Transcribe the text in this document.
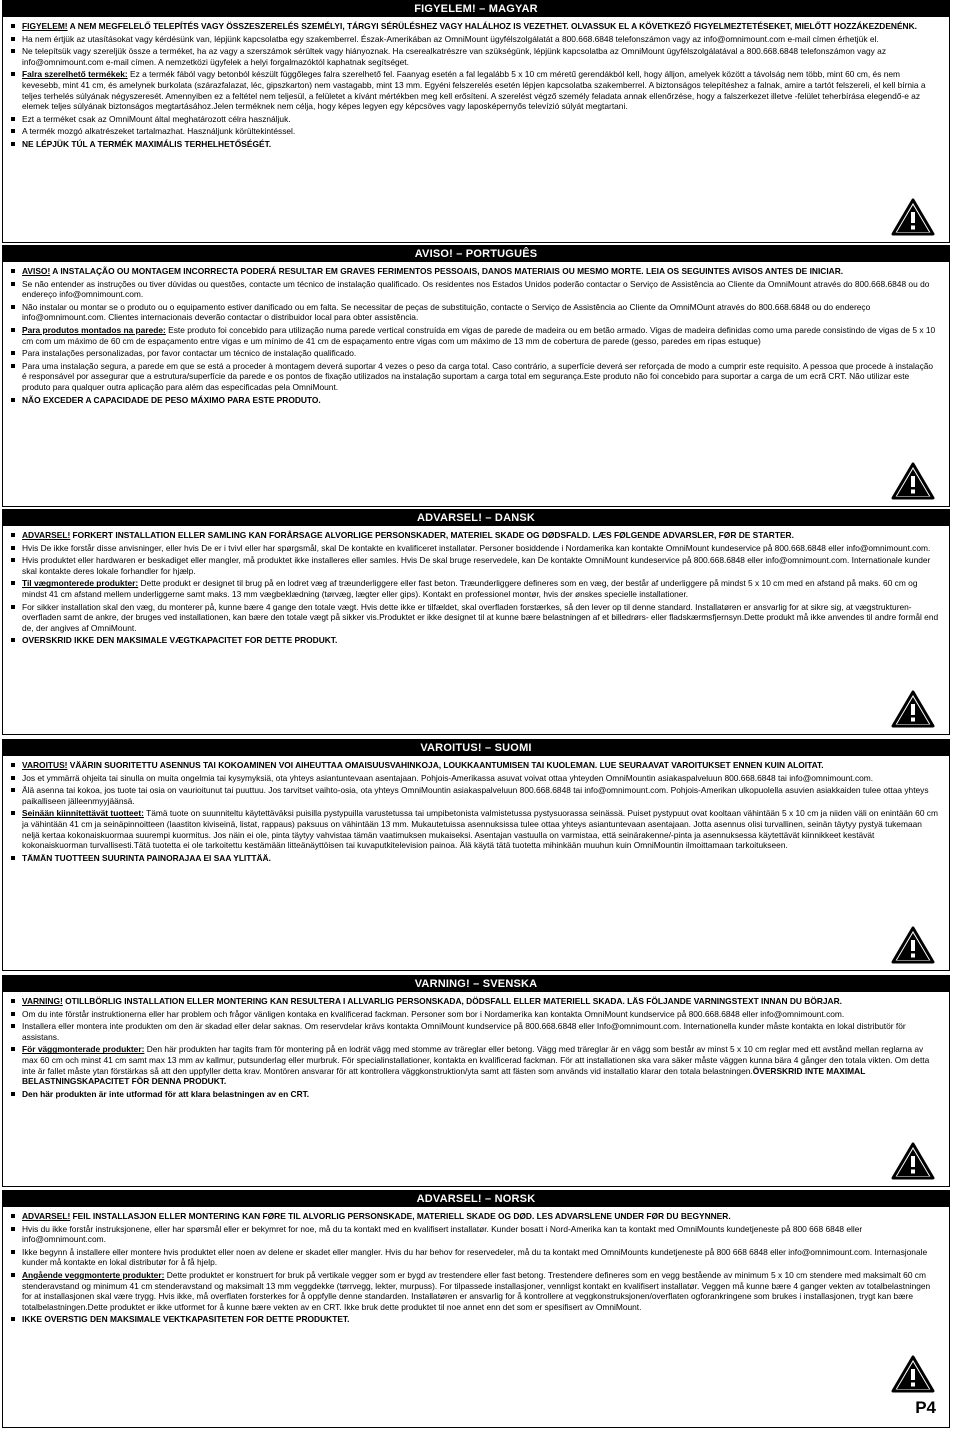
FIGYELEM! – MAGYAR
FIGYELEM! A NEM MEGFELELŐ TELEPÍTÉS VAGY ÖSSZESZERELÉS SZEMÉLYI, TÁRGYI SÉRÜLÉSHEZ VAGY HALÁLHOZ IS VEZETHET. OLVASSUK EL A KÖVETKEZŐ FIGYELMEZTETÉSEKET, MIELŐTT HOZZÁKEZDENÉNK.
Ha nem értjük az utasításokat vagy kérdésünk van, lépjünk kapcsolatba egy szakemberrel. Észak-Amerikában az OmniMount ügyfélszolgálatát a 800.668.6848 telefonszámon vagy az info@omnimount.com e-mail címen érhetjük el.
Ne telepítsük vagy szereljük össze a terméket, ha az vagy a szerszámok sérültek vagy hiányoznak. Ha cserealkatrészre van szükségünk, lépjünk kapcsolatba az OmniMount ügyfélszolgálatával a 800.668.6848 telefonszámon vagy az info@omnimount.com e-mail címen. A nemzetközi ügyfelek a helyi forgalmazóktól kaphatnak segítséget.
Falra szerelhető termékek: Ez a termék fából vagy betonból készült függőleges falra szerelhető fel. Faanyag esetén a fal legalább 5 x 10 cm méretű gerendákból kell, hogy álljon, amelyek között a távolság nem több, mint 60 cm, és nem kevesebb, mint 41 cm, és amelynek burkolata (szárazfalazat, léc, gipszkarton) nem vastagabb, mint 13 mm. Egyéni felszerelés esetén lépjen kapcsolatba szakemberrel. A biztonságos telepítéshez a falnak, amire a tartót felszereli, el kell bírnia a teljes terhelés súlyának négyszeresét. Amennyiben ez a feltétel nem teljesül, a felületet a kívánt mértékben meg kell erősíteni. A szerelést végző személy feladata annak ellenőrzése, hogy a falszerkezet illetve -felület teherbírása elegendő-e az elemek teljes súlyának biztonságos megtartásához.Jelen terméknek nem célja, hogy képes legyen egy képcsöves vagy laposképernyős televízió súlyát megtartani.
Ezt a terméket csak az OmniMount által meghatározott célra használjuk.
A termék mozgó alkatrészeket tartalmazhat. Használjunk körültekintéssel.
NE LÉPJÜK TÚL A TERMÉK MAXIMÁLIS TERHELHETŐSÉGÉT.
AVISO! – PORTUGUÊS
AVISO! A INSTALAÇÃO OU MONTAGEM INCORRECTA PODERÁ RESULTAR EM GRAVES FERIMENTOS PESSOAIS, DANOS MATERIAIS OU MESMO MORTE. LEIA OS SEGUINTES AVISOS ANTES DE INICIAR.
Se não entender as instruções ou tiver dúvidas ou questões, contacte um técnico de instalação qualificado. Os residentes nos Estados Unidos poderão contactar o Serviço de Assistência ao Cliente da OmniMount através do 800.668.6848 ou do endereço info@omnimount.com.
Não instalar ou montar se o produto ou o equipamento estiver danificado ou em falta. Se necessitar de peças de substituição, contacte o Serviço de Assistência ao Cliente da OmniMOunt através do 800.668.6848 ou do endereço info@omnimount.com. Clientes internacionais deverão contactar o distribuidor local para obter assistência.
Para produtos montados na parede: Este produto foi concebido para utilização numa parede vertical construída em vigas de parede de madeira ou em betão armado. Vigas de madeira definidas como uma parede consistindo de vigas de 5 x 10 cm com um máximo de 60 cm de espaçamento entre vigas e um mínimo de 41 cm de espaçamento entre vigas com um máximo de 13 mm de cobertura de parede (gesso, paredes em ripas estuque)
Para instalações personalizadas, por favor contactar um técnico de instalação qualificado.
Para uma instalação segura, a parede em que se está a proceder à montagem deverá suportar 4 vezes o peso da carga total. Caso contrário, a superfície deverá ser reforçada de modo a cumprir este requisito. A pessoa que procede à instalação é responsável por assegurar que a estrutura/superfície da parede e os pontos de fixação utilizados na instalação suportam a carga total em segurança.Este produto não foi concebido para suportar a carga de um ecrã CRT. Não utilizar este produto para qualquer outra aplicação para além das especificadas pela OmniMount.
NÃO EXCEDER A CAPACIDADE DE PESO MÁXIMO PARA ESTE PRODUTO.
ADVARSEL! – DANSK
ADVARSEL! FORKERT INSTALLATION ELLER SAMLING KAN FORÅRSAGE ALVORLIGE PERSONSKADER, MATERIEL SKADE OG DØDSFALD. LÆS FØLGENDE ADVARSLER, FØR DE STARTER.
Hvis De ikke forstår disse anvisninger, eller hvis De er i tvivl eller har spørgsmål, skal De kontakte en kvalificeret installatør. Personer bosiddende i Nordamerika kan kontakte OmniMount kundeservice på 800.668.6848 eller info@omnimount.com.
Hvis produktet eller hardwaren er beskadiget eller mangler, må produktet ikke installeres eller samles. Hvis De skal bruge reservedele, kan De kontakte OmniMount kundeservice på 800.668.6848 eller info@omnimount.com. Internationale kunder skal kontakte deres lokale forhandler for hjælp.
Til vægmonterede produkter: Dette produkt er designet til brug på en lodret væg af træunderliggere eller fast beton. Træunderliggere defineres som en væg, der består af underliggere på mindst 5 x 10 cm med en afstand på maks. 60 cm og mindst 41 cm afstand mellem underliggerne samt maks. 13 mm vægbeklædning (tørvæg, lægter eller gips). Kontakt en professionel montør, hvis der ønskes specielle installationer.
For sikker installation skal den væg, du monterer på, kunne bære 4 gange den totale vægt. Hvis dette ikke er tilfældet, skal overfladen forstærkes, så den lever op til denne standard. Installatøren er ansvarlig for at sikre sig, at vægstrukturen-overfladen samt de ankre, der bruges ved installationen, kan bære den totale vægt på sikker vis.Produktet er ikke designet til at kunne bære belastningen af et billedrørs- eller fladskærmsfjernsyn.Dette produkt må ikke anvendes til andre formål end de, der angives af OmniMount.
OVERSKRID IKKE DEN MAKSIMALE VÆGTKAPACITET FOR DETTE PRODUKT.
VAROITUS! – SUOMI
VAROITUS! VÄÄRIN SUORITETTU ASENNUS TAI KOKOAMINEN VOI AIHEUTTAA OMAISUUSVAHINKOJA, LOUKKAANTUMISEN TAI KUOLEMAN. LUE SEURAAVAT VAROITUKSET ENNEN KUIN ALOITAT.
Jos et ymmärrä ohjeita tai sinulla on muita ongelmia tai kysymyksiä, ota yhteys asiantuntevaan asentajaan. Pohjois-Amerikassa asuvat voivat ottaa yhteyden OmniMountin asiakaspalveluun 800.668.6848 tai info@omnimount.com.
Älä asenna tai kokoa, jos tuote tai osia on vaurioitunut tai puuttuu. Jos tarvitset vaihto-osia, ota yhteys OmniMountin asiakaspalveluun 800.668.6848 tai info@omnimount.com. Pohjois-Amerikan ulkopuolella asuvien asiakkaiden tulee ottaa yhteys paikalliseen jälleenmyyjäänsä.
Seinään kiinnitettävät tuotteet: Tämä tuote on suunniteltu käytettäväksi puisilla pystypuilla varustetussa tai umpibetonista valmistetussa pystysuorassa seinässä. Puiset pystypuut ovat kooltaan vähintään 5 x 10 cm ja niiden väli on enintään 60 cm ja vähintään 41 cm ja seinäpinnoitteen (laastiton kiviseinä, listat, rappaus) paksuus on vähintään 13 mm. Mukautetuissa asennuksissa tulee ottaa yhteys asiantuntevaan asentajaan. Jotta asennus olisi turvallinen, seinän täytyy pystyä tukemaan neljä kertaa kokonaiskuormaa suurempi kuormitus. Jos näin ei ole, pinta täytyy vahvistaa tämän vaatimuksen mukaiseksi. Asentajan vastuulla on varmistaa, että seinärakenne/-pinta ja asennuksessa käytettävät kiinnikkeet kestävät kokonaiskuorman turvallisesti.Tätä tuotetta ei ole tarkoitettu kestämään litteänäyttöisen tai kuvaputkitelevision painoa. Älä käytä tätä tuotetta mihinkään muuhun kuin OmniMountin ilmoittamaan tarkoitukseen.
TÄMÄN TUOTTEEN SUURINTA PAINORAJAA EI SAA YLITTÄÄ.
VARNING! – SVENSKA
VARNING! OTILLBÖRLIG INSTALLATION ELLER MONTERING KAN RESULTERA I ALLVARLIG PERSONSKADA, DÖDSFALL ELLER MATERIELL SKADA. LÄS FÖLJANDE VARNINGSTEXT INNAN DU BÖRJAR.
Om du inte förstår instruktionerna eller har problem och frågor vänligen kontaka en kvalificerad fackman. Personer som bor i Nordamerika kan kontakta OmniMount kundservice på 800.668.6848 eller info@omnimount.com.
Installera eller montera inte produkten om den är skadad eller delar saknas. Om reservdelar krävs kontakta OmniMount kundservice på 800.668.6848 eller Info@omnimount.com. Internationella kunder måste kontakta en lokal distributör för assistans.
För väggmonterade produkter: Den här produkten har tagits fram för montering på en lodrät vägg med stomme av träreglar eller betong. Vägg med träreglar är en vägg som består av minst 5 x 10 cm reglar med ett avstånd mellan reglarna av max 60 cm och minst 41 cm samt max 13 mm av kallmur, putsunderlag eller murbruk. För specialinstallationer, kontakta en kvalificerad fackman. För att installationen ska vara säker måste väggen kunna bära 4 gånger den totala vikten. Om detta inte är fallet måste ytan förstärkas så att den uppfyller detta krav. Montören ansvarar för att kontrollera väggkonstruktion/yta samt att fästen som används vid installatio klarar den totala belastningen.ÖVERSKRID INTE MAXIMAL BELASTNINGSKAPACITET FÖR DENNA PRODUKT.
Den här produkten är inte utformad för att klara belastningen av en CRT.
ADVARSEL! – NORSK
ADVARSEL! FEIL INSTALLASJON ELLER MONTERING KAN FØRE TIL ALVORLIG PERSONSKADE, MATERIELL SKADE OG DØD. LES ADVARSLENE UNDER FØR DU BEGYNNER.
Hvis du ikke forstår instruksjonene, eller har spørsmål eller er bekymret for noe, må du ta kontakt med en kvalifisert installatør. Kunder bosatt i Nord-Amerika kan ta kontakt med OmniMounts kundetjeneste på 800 668 6848 eller info@omnimount.com.
Ikke begynn å installere eller montere hvis produktet eller noen av delene er skadet eller mangler. Hvis du har behov for reservedeler, må du ta kontakt med OmniMounts kundetjeneste på 800 668 6848 eller info@omnimount.com. Internasjonale kunder må kontakte en lokal distributør for å få hjelp.
Angående veggmonterte produkter: Dette produktet er konstruert for bruk på vertikale vegger som er bygd av trestendere eller fast betong. Trestendere defineres som en vegg bestående av minimum 5 x 10 cm stendere med maksimalt 60 cm stenderavstand og minimum 41 cm stenderavstand og maksimalt 13 mm veggdekke (tørrvegg, lekter, murpuss). For tilpassede installasjoner, vennligst kontakt en kvalifisert installatør. Veggen må kunne bære 4 ganger vekten av totalbelastningen for at installasjonen skal være trygg. Hvis ikke, må overflaten forsterkes for å oppfylle denne standarden. Installatøren er ansvarlig for å kontrollere at veggkonstruksjonen/overflaten ogforankringene som brukes i installasjonen, trygt kan bære totalbelastningen.Dette produktet er ikke utformet for å kunne bære vekten av en CRT. Ikke bruk dette produktet til noe annet enn det som er spesifisert av OmniMount.
IKKE OVERSTIG DEN MAKSIMALE VEKTKAPASITETEN FOR DETTE PRODUKTET.
P4
